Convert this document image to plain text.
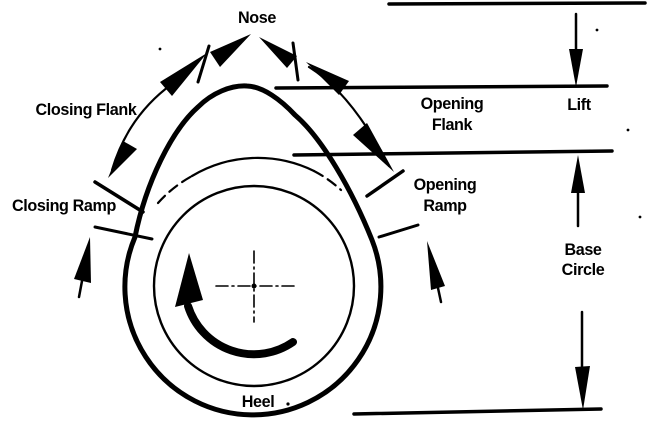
Nose
Closing Flank	Opening
Flank
Lift
Closing Ramp
Opening
Ramp
Base
Circle
Heel
